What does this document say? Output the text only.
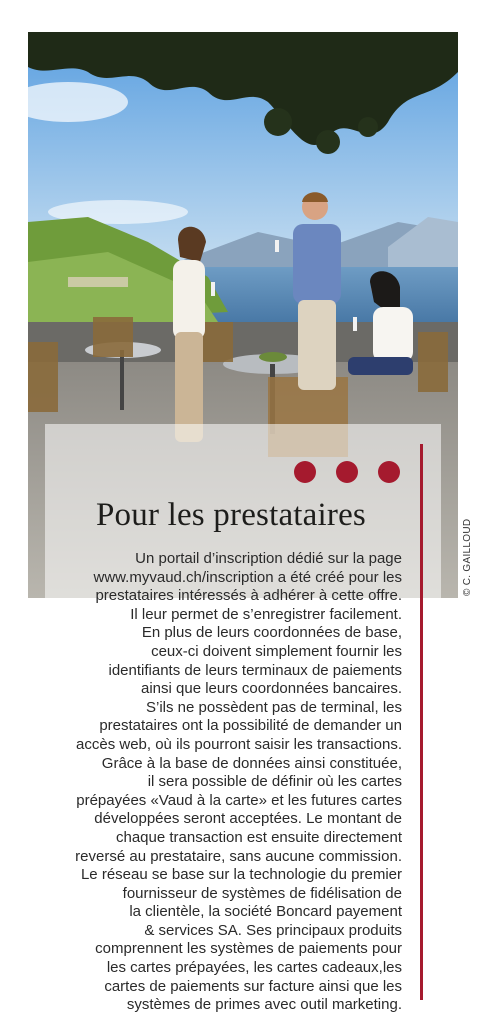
Pour les prestataires
© C. GAILLOUD
Un portail d’inscription dédié sur la page
www.myvaud.ch/inscription a été créé pour les
prestataires intéressés à adhérer à cette offre.
Il leur permet de s’enregistrer facilement.
En plus de leurs coordonnées de base,
ceux-ci doivent simplement fournir les
identifiants de leurs terminaux de paiements
ainsi que leurs coordonnées bancaires.
S’ils ne possèdent pas de terminal, les
prestataires ont la possibilité de demander un
accès web, où ils pourront saisir les transactions.
Grâce à la base de données ainsi constituée,
il sera possible de définir où les cartes
prépayées «Vaud à la carte» et les futures cartes
développées seront acceptées. Le montant de
chaque transaction est ensuite directement
reversé au prestataire, sans aucune commission.
Le réseau se base sur la technologie du premier
fournisseur de systèmes de fidélisation de
la clientèle, la société Boncard payement
& services SA. Ses principaux produits
comprennent les systèmes de paiements pour
les cartes prépayées, les cartes cadeaux,les
cartes de paiements sur facture ainsi que les
systèmes de primes avec outil marketing.
